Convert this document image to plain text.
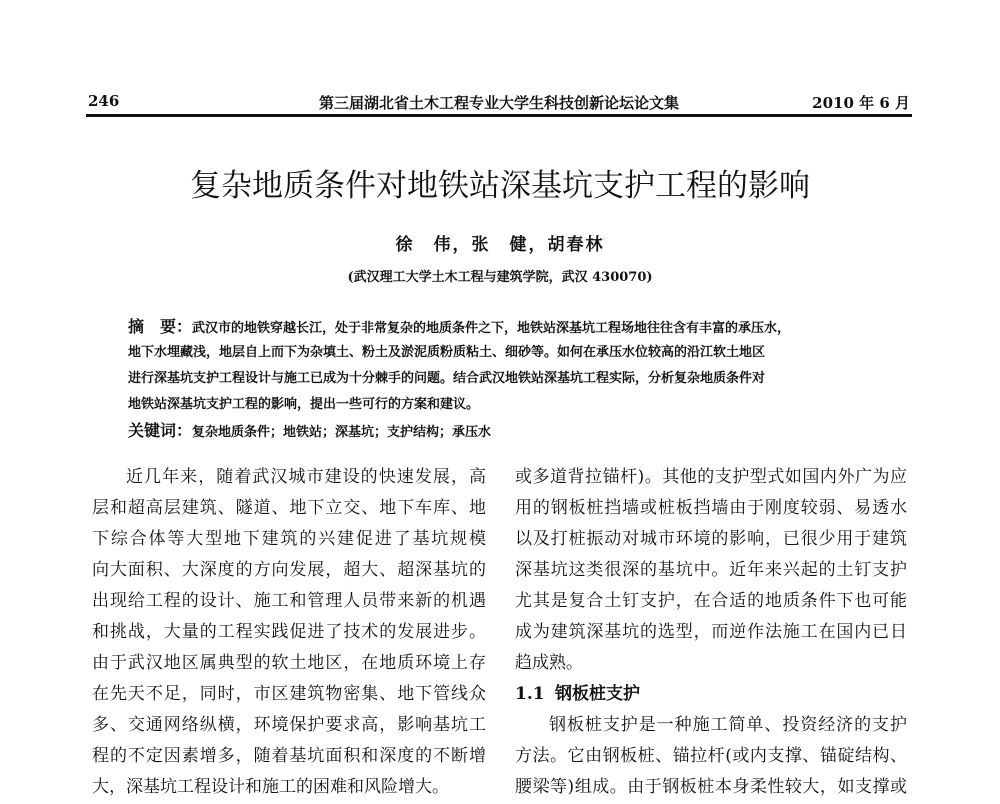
246	第三届湖北省土木工程专业大学生科技创新论坛论文集	2010 年 6 月
复杂地质条件对地铁站深基坑支护工程的影响
徐　伟，张　健，胡春林
(武汉理工大学土木工程与建筑学院，武汉 430070)
摘　要：武汉市的地铁穿越长江，处于非常复杂的地质条件之下，地铁站深基坑工程场地往往含有丰富的承压水，
地下水埋藏浅，地层自上而下为杂填土、粉土及淤泥质粉质粘土、细砂等。如何在承压水位较高的沿江软土地区
进行深基坑支护工程设计与施工已成为十分棘手的问题。结合武汉地铁站深基坑工程实际，分析复杂地质条件对
地铁站深基坑支护工程的影响，提出一些可行的方案和建议。
关键词：复杂地质条件；地铁站；深基坑；支护结构；承压水
近几年来，随着武汉城市建设的快速发展，高
层和超高层建筑、隧道、地下立交、地下车库、地
下综合体等大型地下建筑的兴建促进了基坑规模
向大面积、大深度的方向发展，超大、超深基坑的
出现给工程的设计、施工和管理人员带来新的机遇
和挑战，大量的工程实践促进了技术的发展进步。
由于武汉地区属典型的软土地区，在地质环境上存
在先天不足，同时，市区建筑物密集、地下管线众
多、交通网络纵横，环境保护要求高，影响基坑工
程的不定因素增多，随着基坑面积和深度的不断增
大，深基坑工程设计和施工的困难和风险增大。
或多道背拉锚杆)。其他的支护型式如国内外广为应
用的钢板桩挡墙或桩板挡墙由于刚度较弱、易透水
以及打桩振动对城市环境的影响，已很少用于建筑
深基坑这类很深的基坑中。近年来兴起的土钉支护
尤其是复合土钉支护，在合适的地质条件下也可能
成为建筑深基坑的选型，而逆作法施工在国内已日
趋成熟。
1.1 钢板桩支护
钢板桩支护是一种施工简单、投资经济的支护
方法。它由钢板桩、锚拉杆(或内支撑、锚碇结构、
腰梁等)组成。由于钢板桩本身柔性较大，如支撑或
